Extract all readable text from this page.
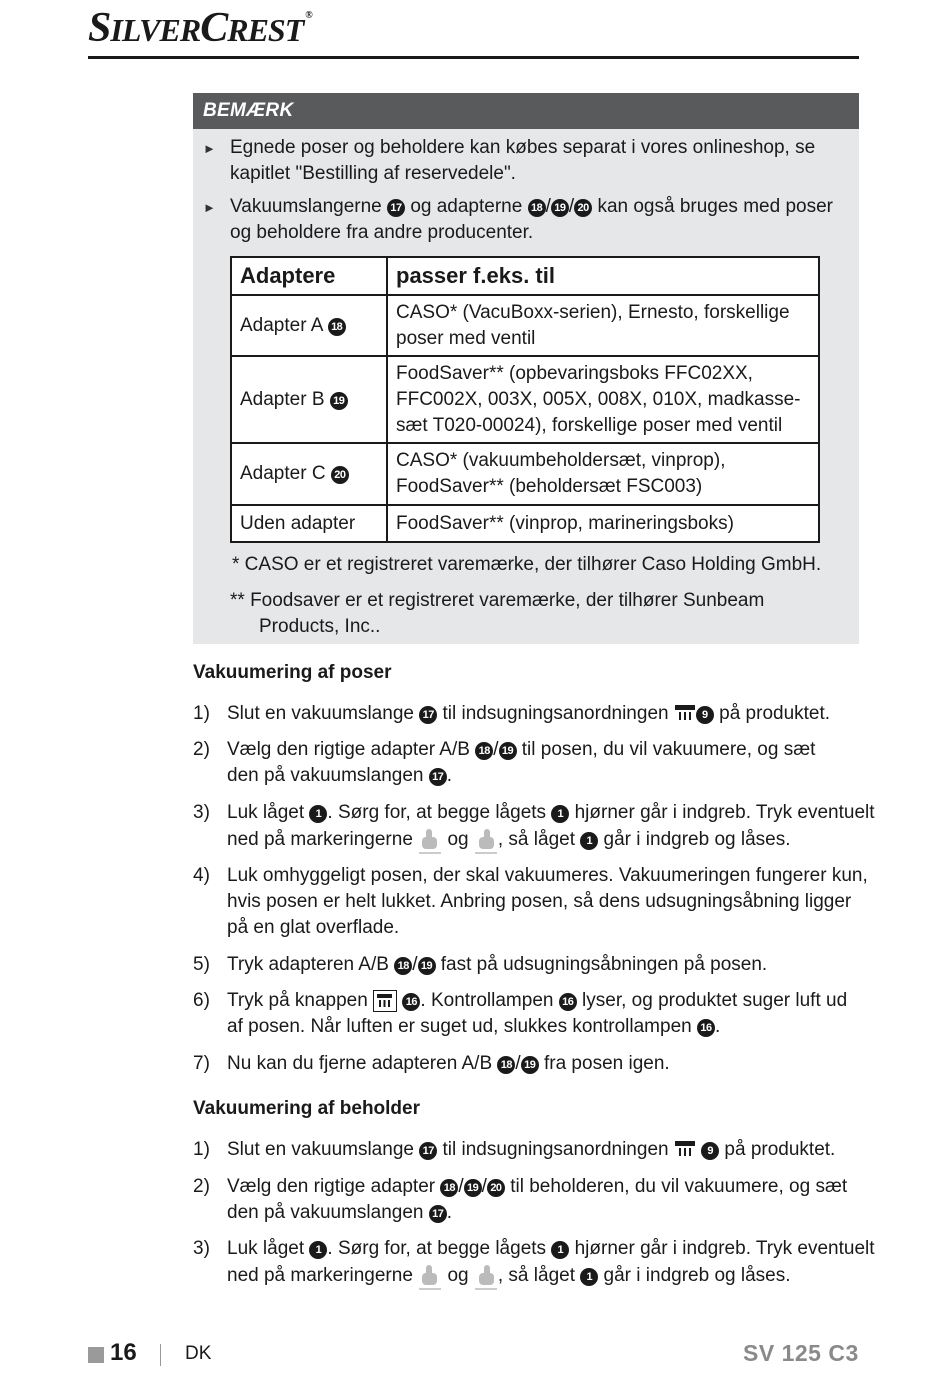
SILVERCREST ®
BEMÆRK
► Egnede poser og beholdere kan købes separat i vores onlineshop, se
kapitlet "Bestilling af reservedele".
► Vakuumslangerne 17 og adapterne 18 / 19 / 20 kan også bruges med poser
og beholdere fra andre producenter.
Adaptere	passer f.eks. til
Adapter A 18	CASO* (VacuBoxx-serien), Ernesto, forskellige
poser med ventil
Adapter B 19	FoodSaver** (opbevaringsboks FFC02XX,
FFC002X, 003X, 005X, 008X, 010X, madkasse-
sæt T020-00024), forskellige poser med ventil
Adapter C 20	CASO* (vakuumbeholdersæt, vinprop),
FoodSaver** (beholdersæt FSC003)
Uden adapter	FoodSaver** (vinprop, marineringsboks)
* CASO er et registreret varemærke, der tilhører Caso Holding GmbH.
** Foodsaver er et registreret varemærke, der tilhører Sunbeam
Products, Inc..
Vakuumering af poser
1) Slut en vakuumslange 17 til indsugningsanordningen	9 på produktet.
2) Vælg den rigtige adapter A/B 18 / 19 til posen, du vil vakuumere, og sæt
den på vakuumslangen 17 .
3) Luk låget 1 . Sørg for, at begge lågets 1 hjørner går i indgreb. Tryk eventuelt
ned på markeringerne og , så låget 1 går i indgreb og låses.
4) Luk omhyggeligt posen, der skal vakuumeres. Vakuumeringen fungerer kun,
hvis posen er helt lukket. Anbring posen, så dens udsugningsåbning ligger
på en glat overflade.
5) Tryk adapteren A/B 18 / 19 fast på udsugningsåbningen på posen.
6) Tryk på knappen	16 . Kontrollampen 16 lyser, og produktet suger luft ud
af posen. Når luften er suget ud, slukkes kontrollampen 16 .
7) Nu kan du fjerne adapteren A/B 18 / 19 fra posen igen.
Vakuumering af beholder
1) Slut en vakuumslange 17 til indsugningsanordningen	9 på produktet.
2) Vælg den rigtige adapter 18 / 19 / 20 til beholderen, du vil vakuumere, og sæt
den på vakuumslangen 17 .
3) Luk låget 1 . Sørg for, at begge lågets 1 hjørner går i indgreb. Tryk eventuelt
ned på markeringerne og , så låget 1 går i indgreb og låses.
16	DK	SV 125 C3
